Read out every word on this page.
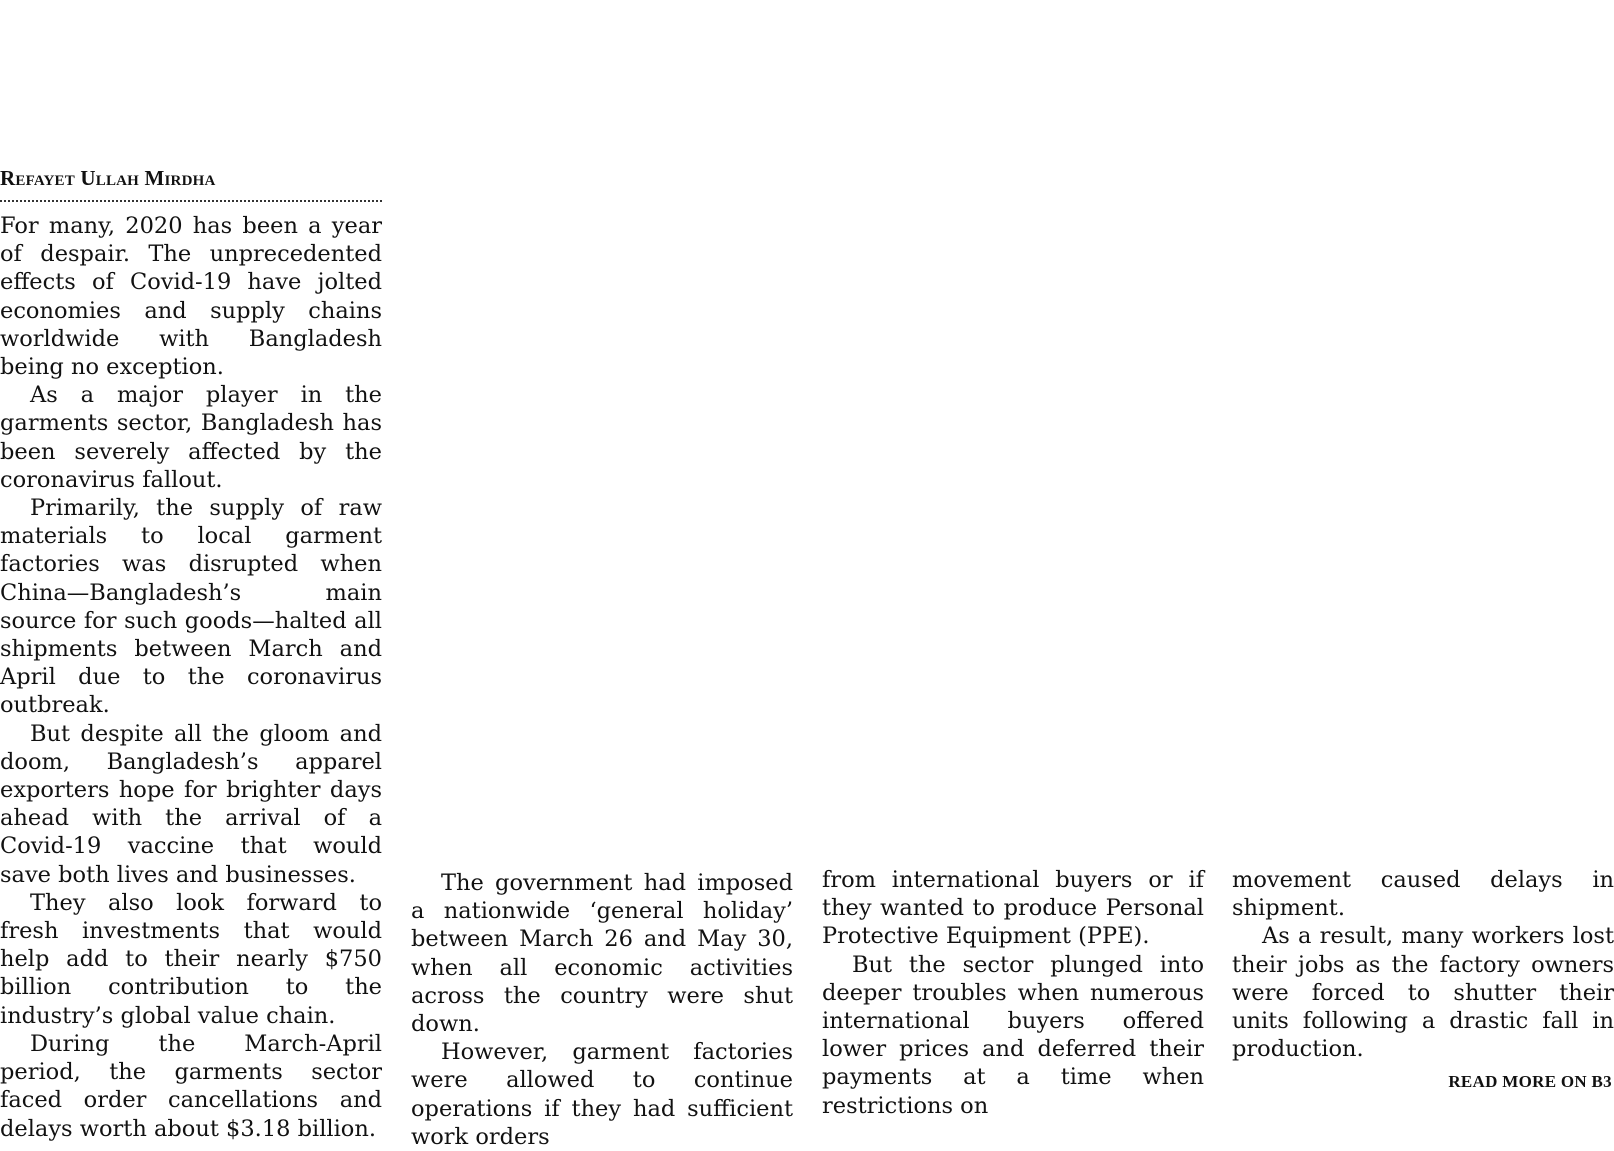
Refayet Ullah Mirdha

For many, 2020 has been a year of despair. The unprecedented effects of Covid-19 have jolted economies and supply chains worldwide with Bangladesh being no exception.

As a major player in the garments sector, Bangladesh has been severely affected by the coronavirus fallout.

Primarily, the supply of raw materials to local garment factories was disrupted when China—Bangladesh’s main source for such goods—halted all shipments between March and April due to the coronavirus outbreak.

But despite all the gloom and doom, Bangladesh’s apparel exporters hope for brighter days ahead with the arrival of a Covid-19 vaccine that would save both lives and businesses.

They also look forward to fresh investments that would help add to their nearly $750 billion contribution to the industry’s global value chain.

During the March-April period, the garments sector faced order cancellations and delays worth about $3.18 billion.

The government had imposed a nationwide ‘general holiday’ between March 26 and May 30, when all economic activities across the country were shut down.

However, garment factories were allowed to continue operations if they had sufficient work orders

from international buyers or if they wanted to produce Personal Protective Equipment (PPE).

But the sector plunged into deeper troubles when numerous international buyers offered lower prices and deferred their payments at a time when restrictions on

movement caused delays in shipment.

As a result, many workers lost their jobs as the factory owners were forced to shutter their units following a drastic fall in production.

READ MORE ON B3
